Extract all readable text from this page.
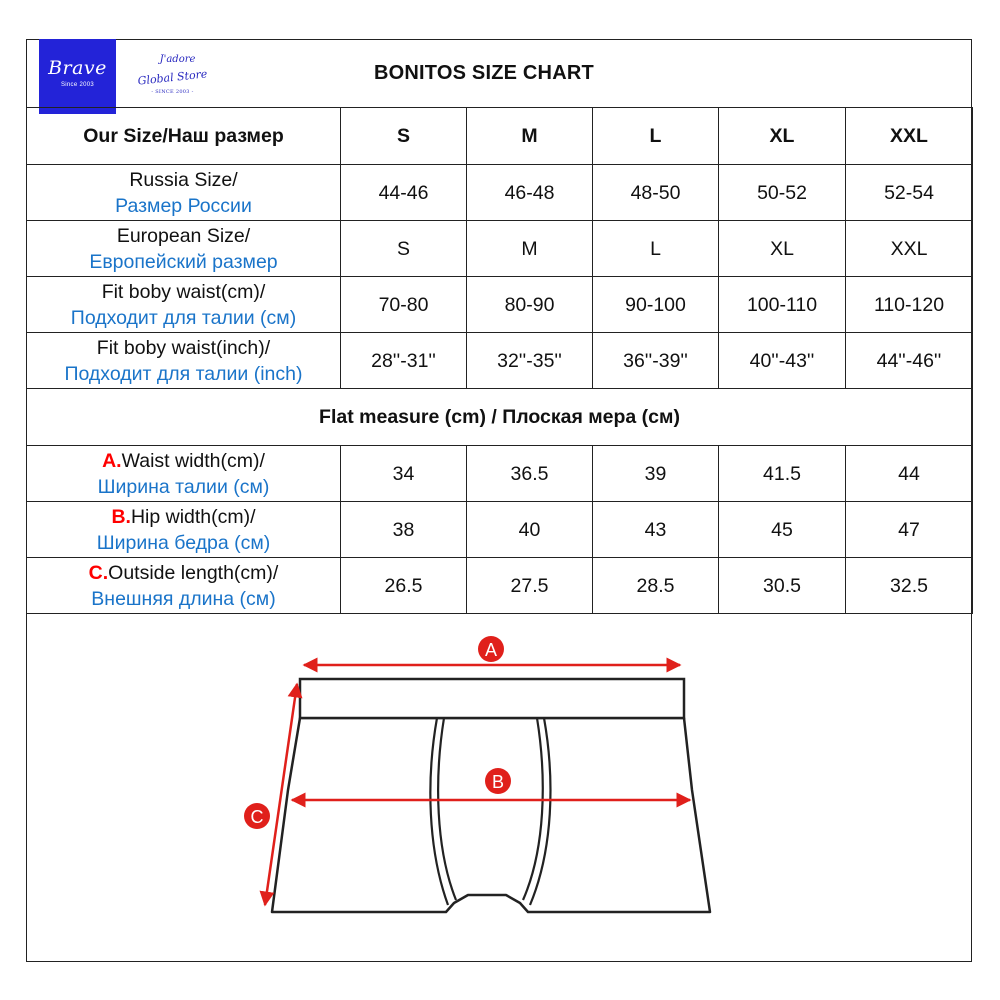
Brave
Since 2003
J'adore
Global Store
- SINCE 2003 -
BONITOS SIZE CHART
Our Size/Наш размер	S	M	L	XL	XXL

Russia Size/
Размер России	44-46	46-48	48-50	50-52	52-54

European Size/
Европейский размер	S	M	L	XL	XXL

Fit boby waist(cm)/
Подходит для талии (см)	70-80	80-90	90-100	100-110	110-120

Fit boby waist(inch)/
Подходит для талии (inch)	28''-31''	32''-35''	36''-39''	40''-43''	44''-46''
Flat measure (cm) / Плоская мера (см)					

A.Waist width(cm)/
Ширина талии (см)	34	36.5	39	41.5	44

B.Hip width(cm)/
Ширина бедра (см)	38	40	43	45	47

C.Outside length(cm)/
Внешняя длина (см)	26.5	27.5	28.5	30.5	32.5
A
B
C
